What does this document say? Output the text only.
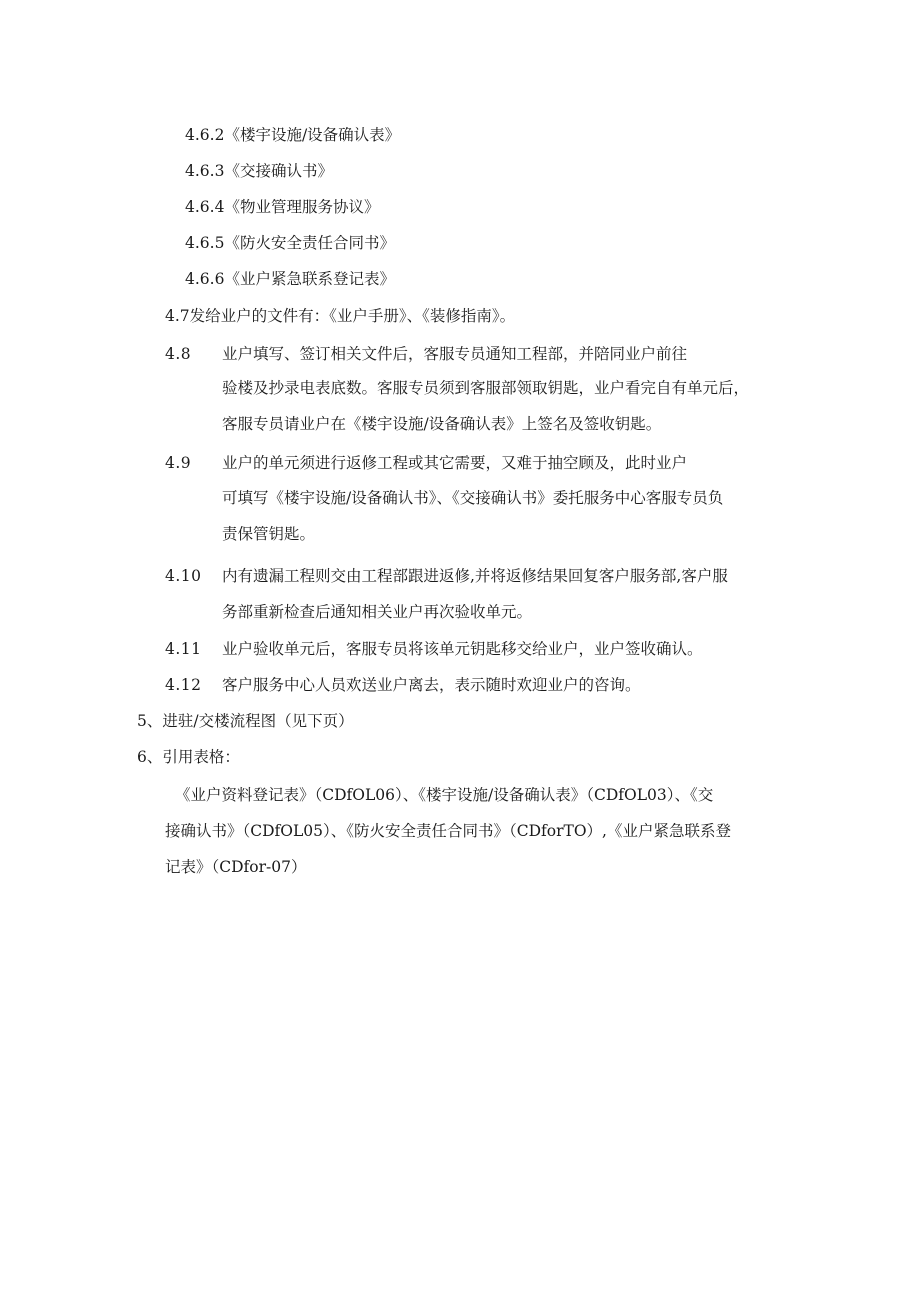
4.6.2《楼宇设施/设备确认表》
4.6.3《交接确认书》
4.6.4《物业管理服务协议》
4.6.5《防火安全责任合同书》
4.6.6《业户紧急联系登记表》
4.7发给业户的文件有：《业户手册》、《装修指南》。
4.8 业户填写、签订相关文件后，客服专员通知工程部，并陪同业户前往
验楼及抄录电表底数。客服专员须到客服部领取钥匙，业户看完自有单元后，
客服专员请业户在《楼宇设施/设备确认表》上签名及签收钥匙。
4.9 业户的单元须进行返修工程或其它需要，又难于抽空顾及，此时业户
可填写《楼宇设施/设备确认书》、《交接确认书》委托服务中心客服专员负
责保管钥匙。
4.10 内有遗漏工程则交由工程部跟进返修,并将返修结果回复客户服务部,客户服
务部重新检查后通知相关业户再次验收单元。
4.11 业户验收单元后，客服专员将该单元钥匙移交给业户，业户签收确认。
4.12 客户服务中心人员欢送业户离去，表示随时欢迎业户的咨询。
5、进驻/交楼流程图（见下页）
6、引用表格：
《业户资料登记表》（CDfOL06）、《楼宇设施/设备确认表》（CDfOL03）、《交
接确认书》（CDfOL05）、《防火安全责任合同书》（CDforTO）,《业户紧急联系登
记表》（CDfor-07）
